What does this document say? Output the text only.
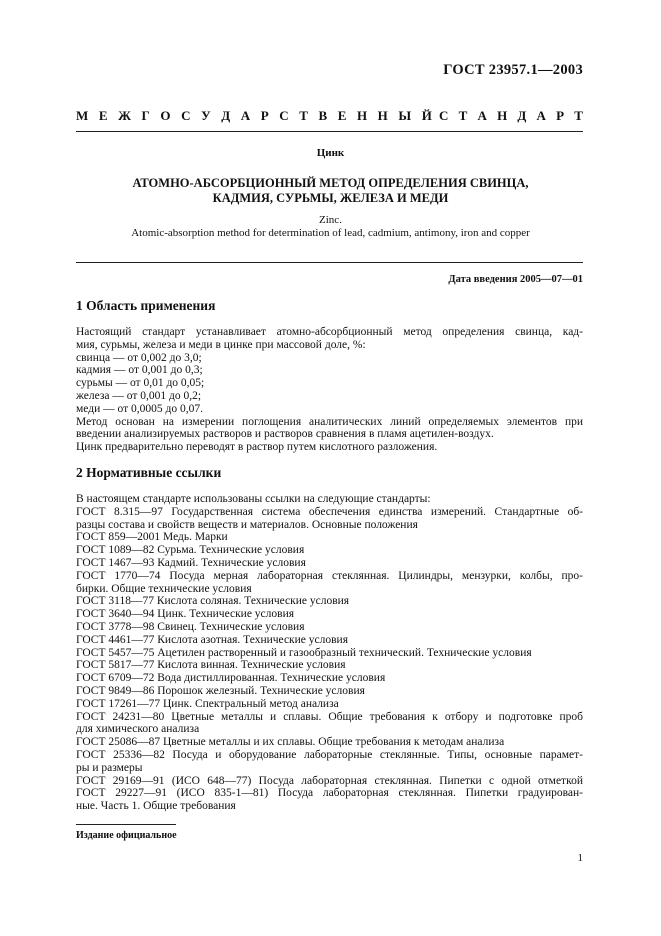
ГОСТ 23957.1—2003
М Е Ж Г О С У Д А Р С Т В Е Н Н Ы Й С Т А Н Д А Р Т
Цинк
АТОМНО-АБСОРБЦИОННЫЙ МЕТОД ОПРЕДЕЛЕНИЯ СВИНЦА,
КАДМИЯ, СУРЬМЫ, ЖЕЛЕЗА И МЕДИ
Zinc.
Atomic-absorption method for determination of lead, cadmium, antimony, iron and copper
Дата введения 2005—07—01
1 Область применения

Настоящий стандарт устанавливает атомно-абсорбционный метод определения свинца, кад-

мия, сурьмы, железа и меди в цинке при массовой доле, %:

свинца — от 0,002 до 3,0;

кадмия — от 0,001 до 0,3;

сурьмы — от 0,01 до 0,05;

железа — от 0,001 до 0,2;

меди — от 0,0005 до 0,07.

Метод основан на измерении поглощения аналитических линий определяемых элементов при

введении анализируемых растворов и растворов сравнения в пламя ацетилен-воздух.

Цинк предварительно переводят в раствор путем кислотного разложения.

2 Нормативные ссылки

В настоящем стандарте использованы ссылки на следующие стандарты:

ГОСТ 8.315—97 Государственная система обеспечения единства измерений. Стандартные об-

разцы состава и свойств веществ и материалов. Основные положения

ГОСТ 859—2001 Медь. Марки

ГОСТ 1089—82 Сурьма. Технические условия

ГОСТ 1467—93 Кадмий. Технические условия

ГОСТ 1770—74 Посуда мерная лабораторная стеклянная. Цилиндры, мензурки, колбы, про-

бирки. Общие технические условия

ГОСТ 3118—77 Кислота соляная. Технические условия

ГОСТ 3640—94 Цинк. Технические условия

ГОСТ 3778—98 Свинец. Технические условия

ГОСТ 4461—77 Кислота азотная. Технические условия

ГОСТ 5457—75 Ацетилен растворенный и газообразный технический. Технические условия

ГОСТ 5817—77 Кислота винная. Технические условия

ГОСТ 6709—72 Вода дистиллированная. Технические условия

ГОСТ 9849—86 Порошок железный. Технические условия

ГОСТ 17261—77 Цинк. Спектральный метод анализа

ГОСТ 24231—80 Цветные металлы и сплавы. Общие требования к отбору и подготовке проб

для химического анализа

ГОСТ 25086—87 Цветные металлы и их сплавы. Общие требования к методам анализа

ГОСТ 25336—82 Посуда и оборудование лабораторные стеклянные. Типы, основные парамет-

ры и размеры

ГОСТ 29169—91 (ИСО 648—77) Посуда лабораторная стеклянная. Пипетки с одной отметкой

ГОСТ 29227—91 (ИСО 835-1—81) Посуда лабораторная стеклянная. Пипетки градуирован-

ные. Часть 1. Общие требования

Издание официальное
1
